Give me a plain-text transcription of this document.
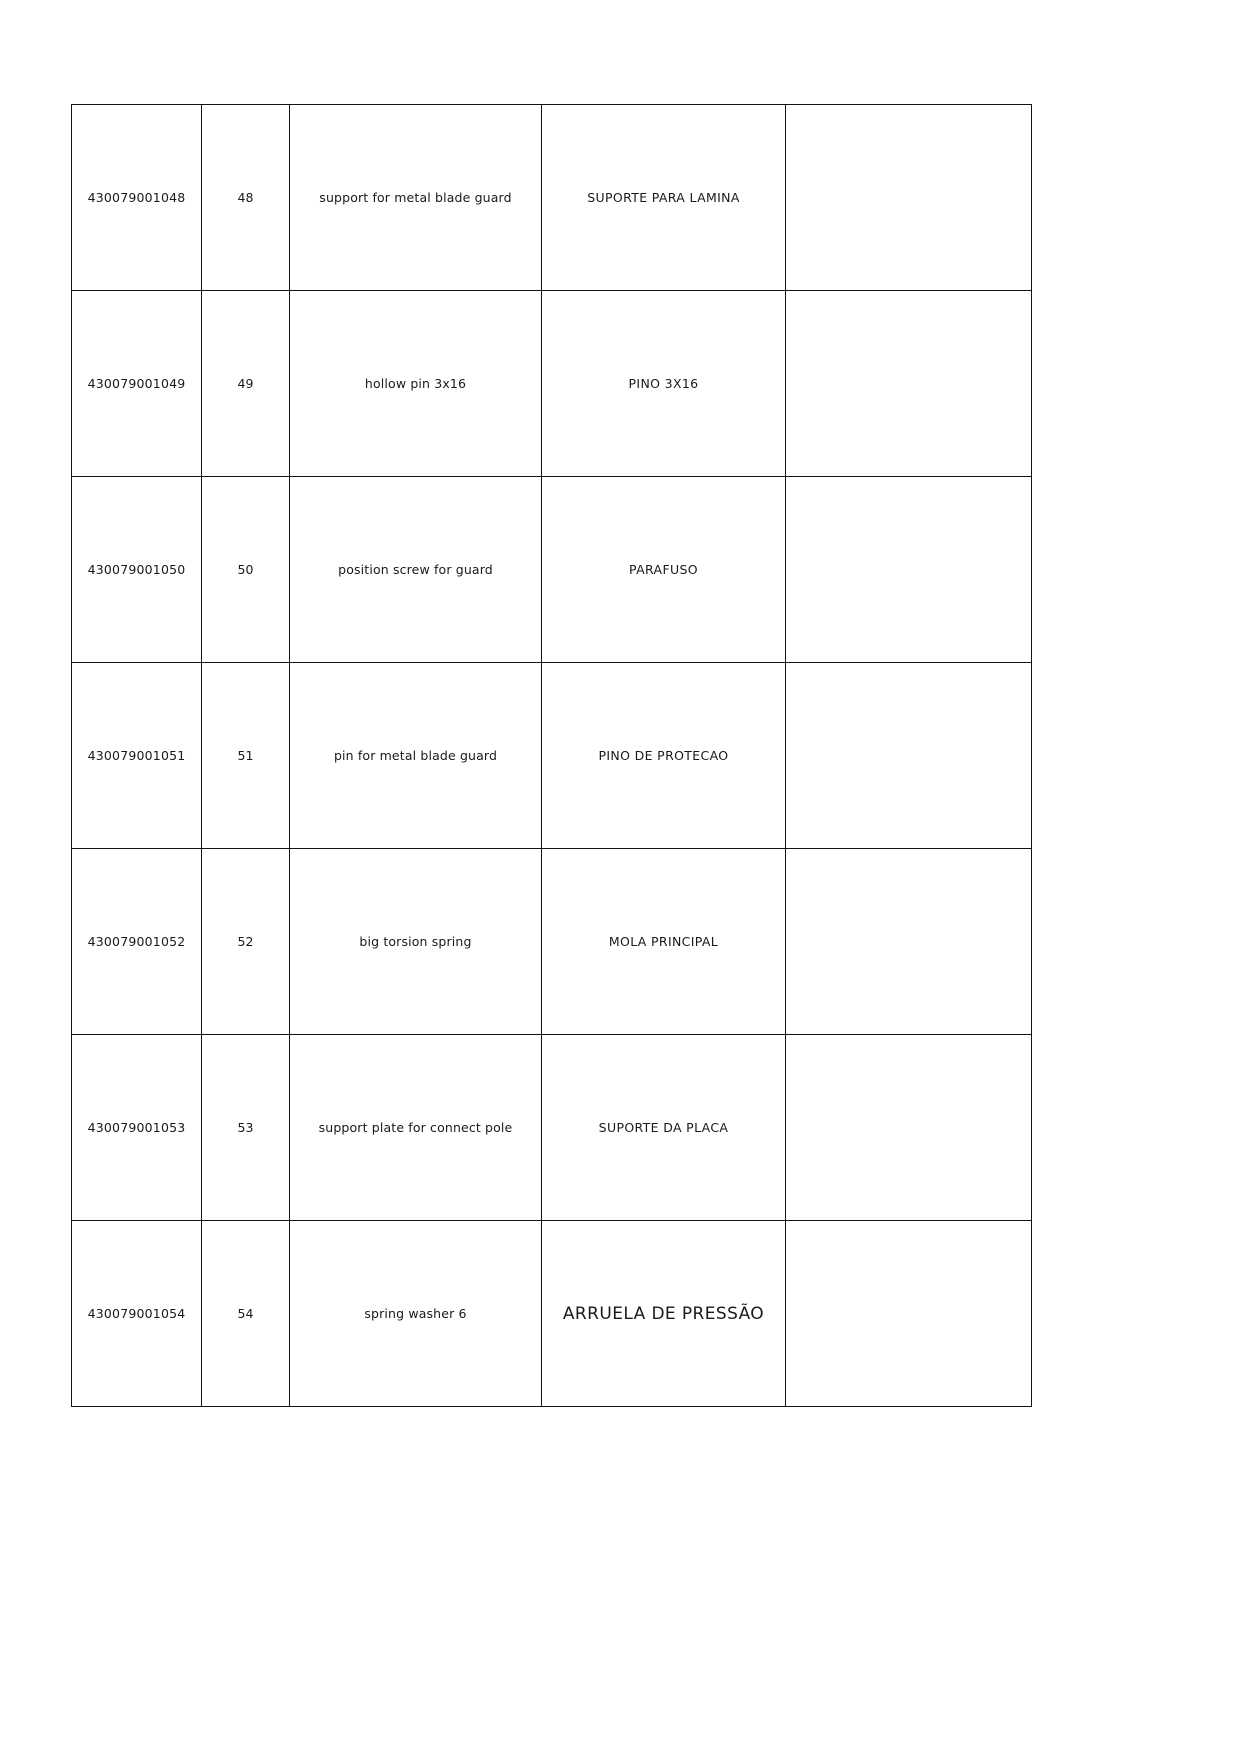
430079001048	48	support for metal blade guard	SUPORTE PARA LAMINA	
430079001049	49	hollow pin 3x16	PINO 3X16	
430079001050	50	position screw for guard	PARAFUSO	
430079001051	51	pin for metal blade guard	PINO DE PROTECAO	
430079001052	52	big torsion spring	MOLA PRINCIPAL	
430079001053	53	support plate for connect pole	SUPORTE DA PLACA	
430079001054	54	spring washer 6	ARRUELA DE PRESSÃO	
